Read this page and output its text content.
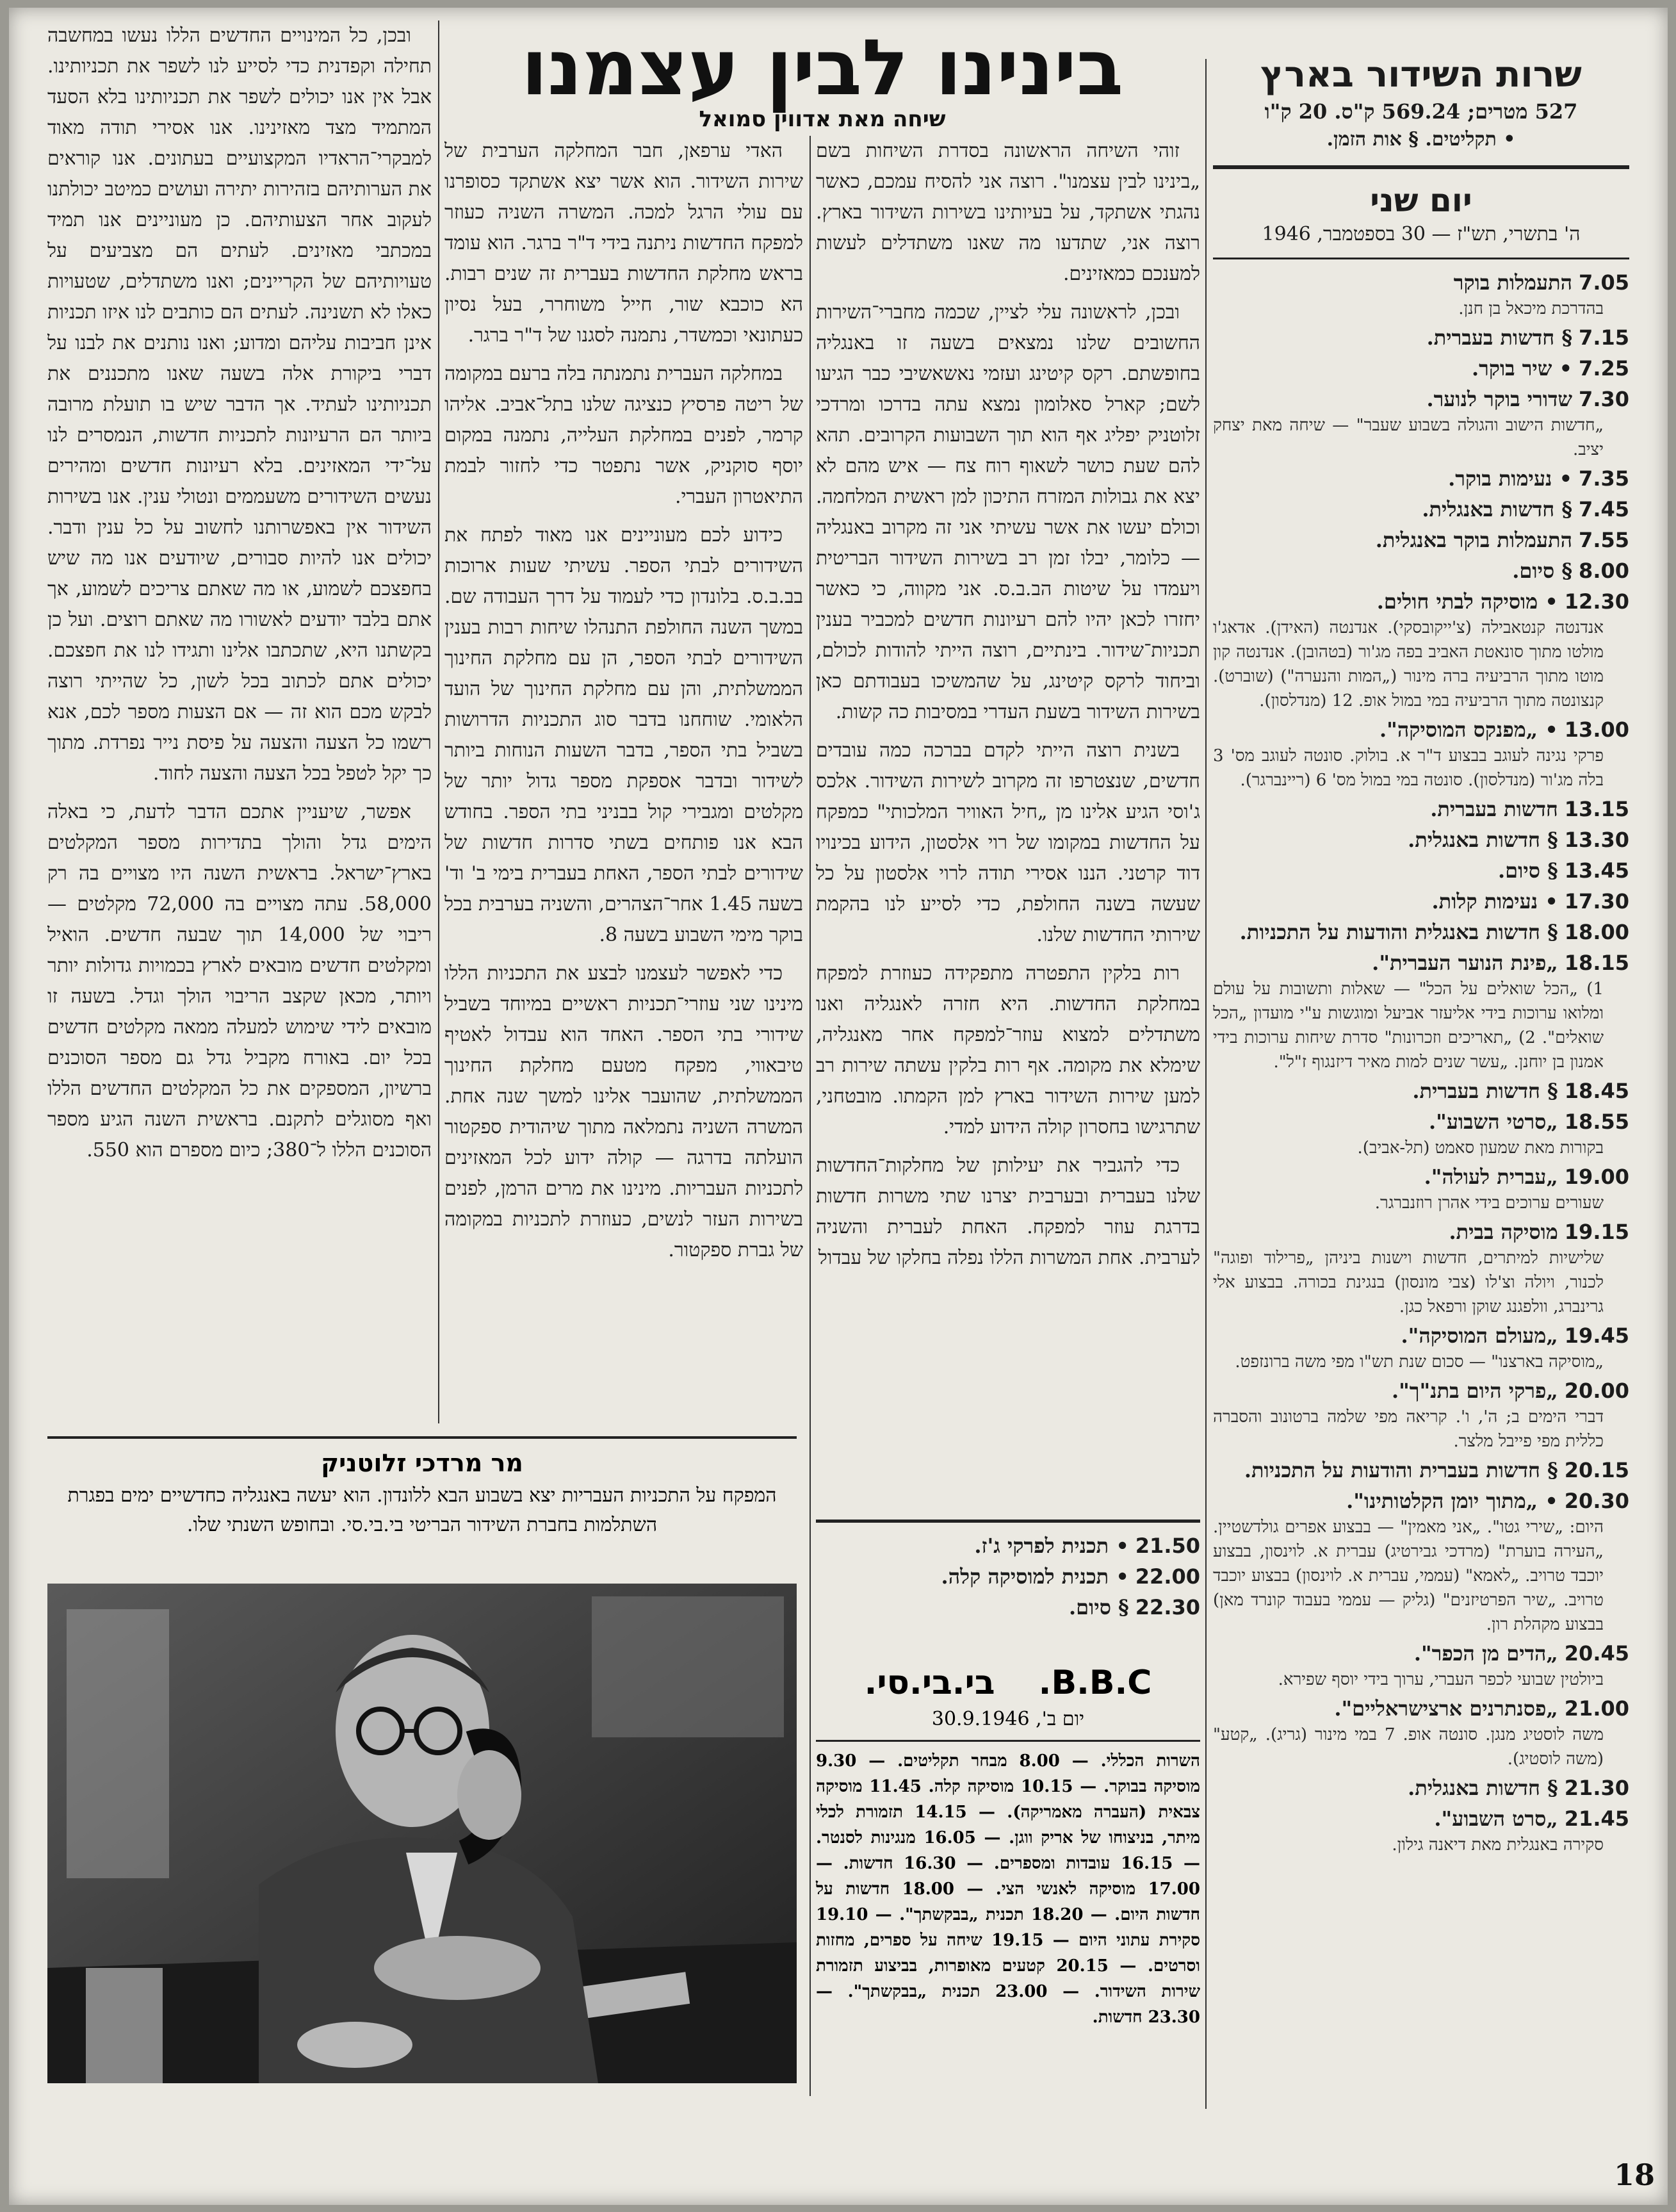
שרות השידור בארץ
527 מטרים; 569.24 ק"ס. 20 ק"ו
• תקליטים. § אות הזמן.
יום שני
ה' בתשרי, תש"ז — 30 בספטמבר, 1946
7.05התעמלות בוקר
בהדרכת מיכאל בן חנן.
7.15§ חדשות בעברית.
7.25• שיר בוקר.
7.30שדורי בוקר לנוער.
„חדשות הישוב והגולה בשבוע שעבר" — שיחה מאת יצחק יציב.
7.35• נעימות בוקר.
7.45§ חדשות באנגלית.
7.55התעמלות בוקר באנגלית.
8.00§ סיום.
12.30• מוסיקה לבתי חולים.
אנדנטה קנטאבילה (צ'ייקובסקי). אנדנטה (האידן). אדאג'ו מולטו מתוך סונאטת האביב בפה מג'ור (בטהובן). אנדנטה קון מוטו מתוך הרביעיה ברה מינור („המות והנערה") (שוברט). קנצונטה מתוך הרביעיה במי במול אופ. 12 (מנדלסון).
13.00• „מפנקס המוסיקה".
פרקי נגינה לעוגב בבצוע ד"ר א. בולוק. סונטה לעוגב מס' 3 בלה מג'ור (מנדלסון). סונטה במי במול מס' 6 (ריינברגר).
13.15חדשות בעברית.
13.30§ חדשות באנגלית.
13.45§ סיום.
17.30• נעימות קלות.
18.00§ חדשות באנגלית והודעות על התכניות.
18.15„פינת הנוער העברית".
1) „הכל שואלים על הכל" — שאלות ותשובות על עולם ומלואו ערוכות בידי אליעזר אביעל ומוגשות ע"י מועדון „הכל שואלים". 2) „תאריכים וזכרונות" סדרת שיחות ערוכות בידי אמנון בן יוחנן. „עשר שנים למות מאיר דיזנגוף ז"ל".
18.45§ חדשות בעברית.
18.55„סרטי השבוע".
בקורות מאת שמעון סאמט (תל-אביב).
19.00„עברית לעולה".
שעורים ערוכים בידי אהרן רוזנברגר.
19.15מוסיקה בבית.
שלישיות למיתרים, חדשות וישנות ביניהן „פרילוד ופוגה" לכנור, ויולה וצ'לו (צבי מונסון) בנגינת בכורה. בבצוע אלי גרינברג, וולפגנג שוקן ורפאל כגן.
19.45„מעולם המוסיקה".
„מוסיקה בארצנו" — סכום שנת תש"ו מפי משה ברונזפט.
20.00„פרקי היום בתנ"ך".
דברי הימים ב; ה', ו'. קריאה מפי שלמה ברטונוב והסברה כללית מפי פייבל מלצר.
20.15§ חדשות בעברית והודעות על התכניות.
20.30• „מתוך יומן הקלטותינו".
היום: „שירי גטו". „אני מאמין" — בבצוע אפרים גולדשטיין. „העירה בוערת" (מרדכי גבירטיג) עברית א. לוינסון, בבצוע יוכבד טרויב. „לאמא" (עממי, עברית א. לוינסון) בבצוע יוכבד טרויב. „שיר הפרטיזנים" (גליק — עממי בעבוד קונרד מאן) בבצוע מקהלת רון.
20.45„הדים מן הכפר".
ביולטין שבועי לכפר העברי, ערוך בידי יוסף שפירא.
21.00„פסנתרנים ארצישראליים".
משה לוסטיג מנגן. סונטה אופ. 7 במי מינור (גריג). „קטע" (משה לוסטיג).
21.30§ חדשות באנגלית.
21.45„סרט השבוע".
סקירה באנגלית מאת דיאנה גילון.
בינינו לבין עצמנו
שיחה מאת אדווין סמואל

זוהי השיחה הראשונה בסדרת השיחות בשם „בינינו לבין עצמנו". רוצה אני להסיח עמכם, כאשר נהגתי אשתקד, על בעיותינו בשירות השידור בארץ. רוצה אני, שתדעו מה שאנו משתדלים לעשות למענכם כמאזינים.

ובכן, לראשונה עלי לציין, שכמה מחברי־השירות החשובים שלנו נמצאים בשעה זו באנגליה בחופשתם. רקס קיטינג ועזמי נאשאשיבי כבר הגיעו לשם; קארל סאלומון נמצא עתה בדרכו ומרדכי זלוטניק יפליג אף הוא תוך השבועות הקרובים. תהא להם שעת כושר לשאוף רוח צח — איש מהם לא יצא את גבולות המזרח התיכון למן ראשית המלחמה. וכולם יעשו את אשר עשיתי אני זה מקרוב באנגליה — כלומר, יבלו זמן רב בשירות השידור הבריטית ויעמדו על שיטות הב.ב.ס. אני מקווה, כי כאשר יחזרו לכאן יהיו להם רעיונות חדשים למכביר בענין תכניות־שידור. בינתיים, רוצה הייתי להודות לכולם, וביחוד לרקס קיטינג, על שהמשיכו בעבודתם כאן בשירות השידור בשעת העדרי במסיבות כה קשות.

בשנית רוצה הייתי לקדם בברכה כמה עובדים חדשים, שנצטרפו זה מקרוב לשירות השידור. אלכס ג'וסי הגיע אלינו מן „חיל האוויר המלכותי" כמפקח על החדשות במקומו של רוי אלסטון, הידוע בכינויו דוד קרטני. הננו אסירי תודה לרוי אלסטון על כל שעשה בשנה החולפת, כדי לסייע לנו בהקמת שירותי החדשות שלנו.

רות בלקין התפטרה מתפקידה כעוזרת למפקח במחלקת החדשות. היא חזרה לאנגליה ואנו משתדלים למצוא עוזר־למפקח אחר מאנגליה, שימלא את מקומה. אף רות בלקין עשתה שירות רב למען שירות השידור בארץ למן הקמתו. מובטחני, שתרגישו בחסרון קולה הידוע למדי.

כדי להגביר את יעילותן של מחלקות־החדשות שלנו בעברית ובערבית יצרנו שתי משרות חדשות בדרגת עוזר למפקח. האחת לעברית והשניה לערבית. אחת המשרות הללו נפלה בחלקו של עבדול

האדי ערפאן, חבר המחלקה הערבית של שירות השידור. הוא אשר יצא אשתקד כסופרנו עם עולי הרגל למכה. המשרה השניה כעוזר למפקח החדשות ניתנה בידי ד"ר ברגר. הוא עומד בראש מחלקת החדשות בעברית זה שנים רבות. הא כוכבא שור, חייל משוחרר, בעל נסיון כעתונאי וכמשדר, נתמנה לסגנו של ד"ר ברגר.

במחלקה העברית נתמנתה בלה ברעם במקומה של ריטה פרסיץ כנציגה שלנו בתל־אביב. אליהו קרמר, לפנים במחלקת העלייה, נתמנה במקום יוסף סוקניק, אשר נתפטר כדי לחזור לבמת התיאטרון העברי.

כידוע לכם מעוניינים אנו מאוד לפתח את השידורים לבתי הספר. עשיתי שעות ארוכות בב.ב.ס. בלונדון כדי לעמוד על דרך העבודה שם. במשך השנה החולפת התנהלו שיחות רבות בענין השידורים לבתי הספר, הן עם מחלקת החינוך הממשלתית, והן עם מחלקת החינוך של הועד הלאומי. שוחחנו בדבר סוג התכניות הדרושות בשביל בתי הספר, בדבר השעות הנוחות ביותר לשידור ובדבר אספקת מספר גדול יותר של מקלטים ומגבירי קול בבניני בתי הספר. בחודש הבא אנו פותחים בשתי סדרות חדשות של שידורים לבתי הספר, האחת בעברית בימי ב' וד' בשעה 1.45 אחר־הצהרים, והשניה בערבית בכל בוקר מימי השבוע בשעה 8.

כדי לאפשר לעצמנו לבצע את התכניות הללו מינינו שני עוזרי־תכניות ראשיים במיוחד בשביל שידורי בתי הספר. האחד הוא עבדול לאטיף טיבאווי, מפקח מטעם מחלקת החינוך הממשלתית, שהועבר אלינו למשך שנה אחת. המשרה השניה נתמלאה מתוך שיהודית ספקטור הועלתה בדרגה — קולה ידוע לכל המאזינים לתכניות העבריות. מינינו את מרים הרמן, לפנים בשירות העזר לנשים, כעוזרת לתכניות במקומה של גברת ספקטור.

ובכן, כל המינויים החדשים הללו נעשו במחשבה תחילה וקפדנית כדי לסייע לנו לשפר את תכניותינו. אבל אין אנו יכולים לשפר את תכניותינו בלא הסעד המתמיד מצד מאזינינו. אנו אסירי תודה מאוד למבקרי־הראדיו המקצועיים בעתונים. אנו קוראים את הערותיהם בזהירות יתירה ועושים כמיטב יכולתנו לעקוב אחר הצעותיהם. כן מעוניינים אנו תמיד במכתבי מאזינים. לעתים הם מצביעים על טעויותיהם של הקריינים; ואנו משתדלים, שטעויות כאלו לא תשנינה. לעתים הם כותבים לנו איזו תכניות אינן חביבות עליהם ומדוע; ואנו נותנים את לבנו על דברי ביקורת אלה בשעה שאנו מתכננים את תכניותינו לעתיד. אך הדבר שיש בו תועלת מרובה ביותר הם הרעיונות לתכניות חדשות, הנמסרים לנו על־ידי המאזינים. בלא רעיונות חדשים ומהירים נעשים השידורים משעממים ונטולי ענין. אנו בשירות השידור אין באפשרותנו לחשוב על כל ענין ודבר. יכולים אנו להיות סבורים, שיודעים אנו מה שיש בחפצכם לשמוע, או מה שאתם צריכים לשמוע, אך אתם בלבד יודעים לאשורו מה שאתם רוצים. ועל כן בקשתנו היא, שתכתבו אלינו ותגידו לנו את חפצכם. יכולים אתם לכתוב בכל לשון, כל שהייתי רוצה לבקש מכם הוא זה — אם הצעות מספר לכם, אנא רשמו כל הצעה והצעה על פיסת נייר נפרדת. מתוך כך יקל לטפל בכל הצעה והצעה לחוד.

אפשר, שיעניין אתכם הדבר לדעת, כי באלה הימים גדל והולך בתדירות מספר המקלטים בארץ־ישראל. בראשית השנה היו מצויים בה רק 58,000. עתה מצויים בה 72,000 מקלטים — ריבוי של 14,000 תוך שבעה חדשים. הואיל ומקלטים חדשים מובאים לארץ בכמויות גדולות יותר ויותר, מכאן שקצב הריבוי הולך וגדל. בשעה זו מובאים לידי שימוש למעלה ממאה מקלטים חדשים בכל יום. באורח מקביל גדל גם מספר הסוכנים ברשיון, המספקים את כל המקלטים החדשים הללו ואף מסוגלים לתקנם. בראשית השנה הגיע מספר הסוכנים הללו ל־380; כיום מספרם הוא 550.

מר מרדכי זלוטניק
המפקח על התכניות העבריות יצא בשבוע הבא ללונדון. הוא יעשה באנגליה כחדשיים ימים בפגרת השתלמות בחברת השידור הבריטי בי.בי.סי. ובחופש השנתי שלו.
21.50• תכנית לפרקי ג'ז.
22.00• תכנית למוסיקה קלה.
22.30§ סיום.
B.B.C. בי.בי.סי.
יום ב', 30.9.1946
השרות הכללי. — 8.00 מבחר תקליטים. — 9.30 מוסיקה בבוקר. — 10.15 מוסיקה קלה. 11.45 מוסיקה צבאית (העברה מאמריקה). — 14.15 תזמורת לכלי מיתר, בניצוחו של אריק ווגן. — 16.05 מנגינות לסנטר. — 16.15 עובדות ומספרים. — 16.30 חדשות. — 17.00 מוסיקה לאנשי הצי. — 18.00 חדשות על חדשות היום. — 18.20 תכנית „בבקשתך". — 19.10 סקירת עתוני היום — 19.15 שיחה על ספרים, מחזות וסרטים. — 20.15 קטעים מאופרות, בביצוע תזמורת שירות השידור. — 23.00 תכנית „בבקשתך". — 23.30 חדשות.
18
